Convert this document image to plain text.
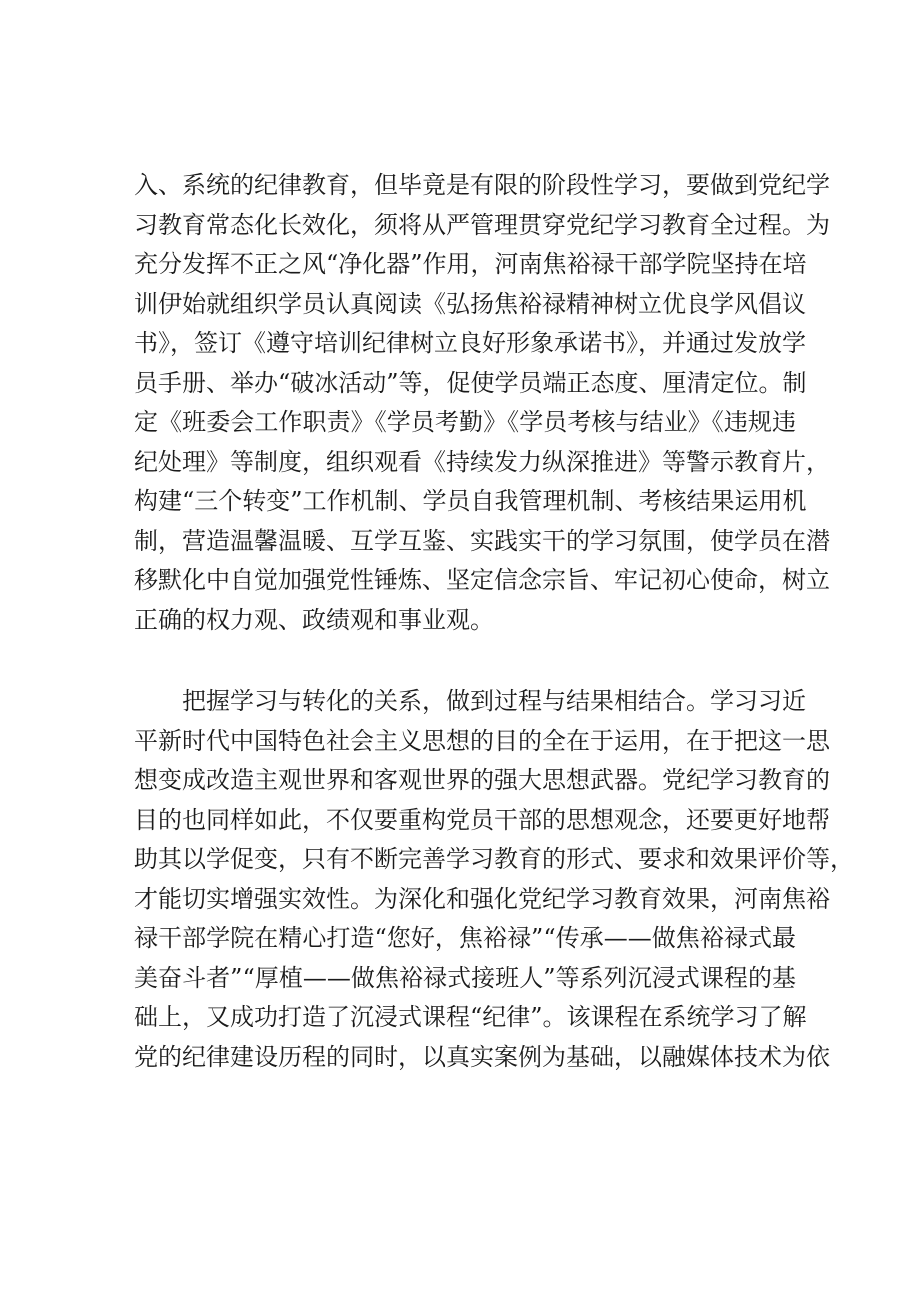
入、系统的纪律教育，但毕竟是有限的阶段性学习，要做到党纪学
习教育常态化长效化，须将从严管理贯穿党纪学习教育全过程。为
充分发挥不正之风“净化器”作用，河南焦裕禄干部学院坚持在培
训伊始就组织学员认真阅读《弘扬焦裕禄精神树立优良学风倡议
书》，签订《遵守培训纪律树立良好形象承诺书》，并通过发放学
员手册、举办“破冰活动”等，促使学员端正态度、厘清定位。制
定《班委会工作职责》《学员考勤》《学员考核与结业》《违规违
纪处理》等制度，组织观看《持续发力纵深推进》等警示教育片，
构建“三个转变”工作机制、学员自我管理机制、考核结果运用机
制，营造温馨温暖、互学互鉴、实践实干的学习氛围，使学员在潜
移默化中自觉加强党性锤炼、坚定信念宗旨、牢记初心使命，树立
正确的权力观、政绩观和事业观。
把握学习与转化的关系，做到过程与结果相结合。学习习近
平新时代中国特色社会主义思想的目的全在于运用，在于把这一思
想变成改造主观世界和客观世界的强大思想武器。党纪学习教育的
目的也同样如此，不仅要重构党员干部的思想观念，还要更好地帮
助其以学促变，只有不断完善学习教育的形式、要求和效果评价等，
才能切实增强实效性。为深化和强化党纪学习教育效果，河南焦裕
禄干部学院在精心打造“您好，焦裕禄”“传承——做焦裕禄式最
美奋斗者”“厚植——做焦裕禄式接班人”等系列沉浸式课程的基
础上，又成功打造了沉浸式课程“纪律”。该课程在系统学习了解
党的纪律建设历程的同时，以真实案例为基础，以融媒体技术为依
